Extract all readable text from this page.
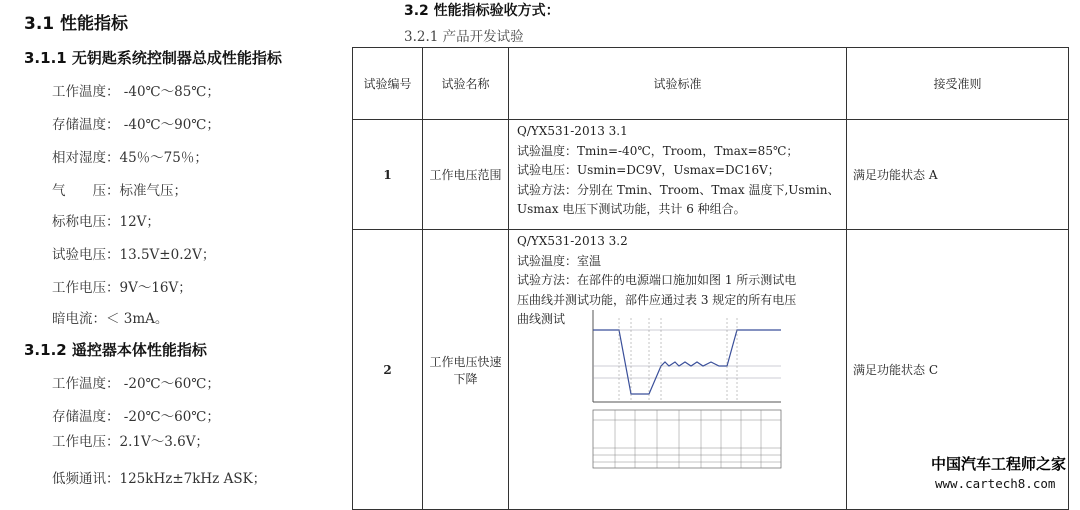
3.1 性能指标
3.1.1 无钥匙系统控制器总成性能指标
工作温度： -40℃～85℃；
存储温度： -40℃～90℃；
相对湿度：45％～75％；
气　　压：标准气压；
标称电压：12V；
试验电压：13.5V±0.2V；
工作电压：9V～16V；
暗电流：＜ 3mA。
3.1.2 遥控器本体性能指标
工作温度： -20℃～60℃；
存储温度： -20℃～60℃；
工作电压：2.1V～3.6V；
低频通讯：125kHz±7kHz ASK；
3.2 性能指标验收方式：
3.2.1 产品开发试验
试验编号	试验名称	试验标准	接受准则
1	工作电压范围	Q/YX531-2013 3.1
试验温度：Tmin=-40℃，Troom，Tmax=85℃；
试验电压：Usmin=DC9V，Usmax=DC16V；
试验方法：分别在 Tmin、Troom、Tmax 温度下,Usmin、
Usmax 电压下测试功能，共计 6 种组合。	满足功能状态 A
2	工作电压快速下降	Q/YX531-2013 3.2
试验温度：室温
试验方法：在部件的电源端口施加如图 1 所示测试电
压曲线并测试功能，部件应通过表 3 规定的所有电压
曲线测试	满足功能状态 C
中国汽车工程师之家
www.cartech8.com
